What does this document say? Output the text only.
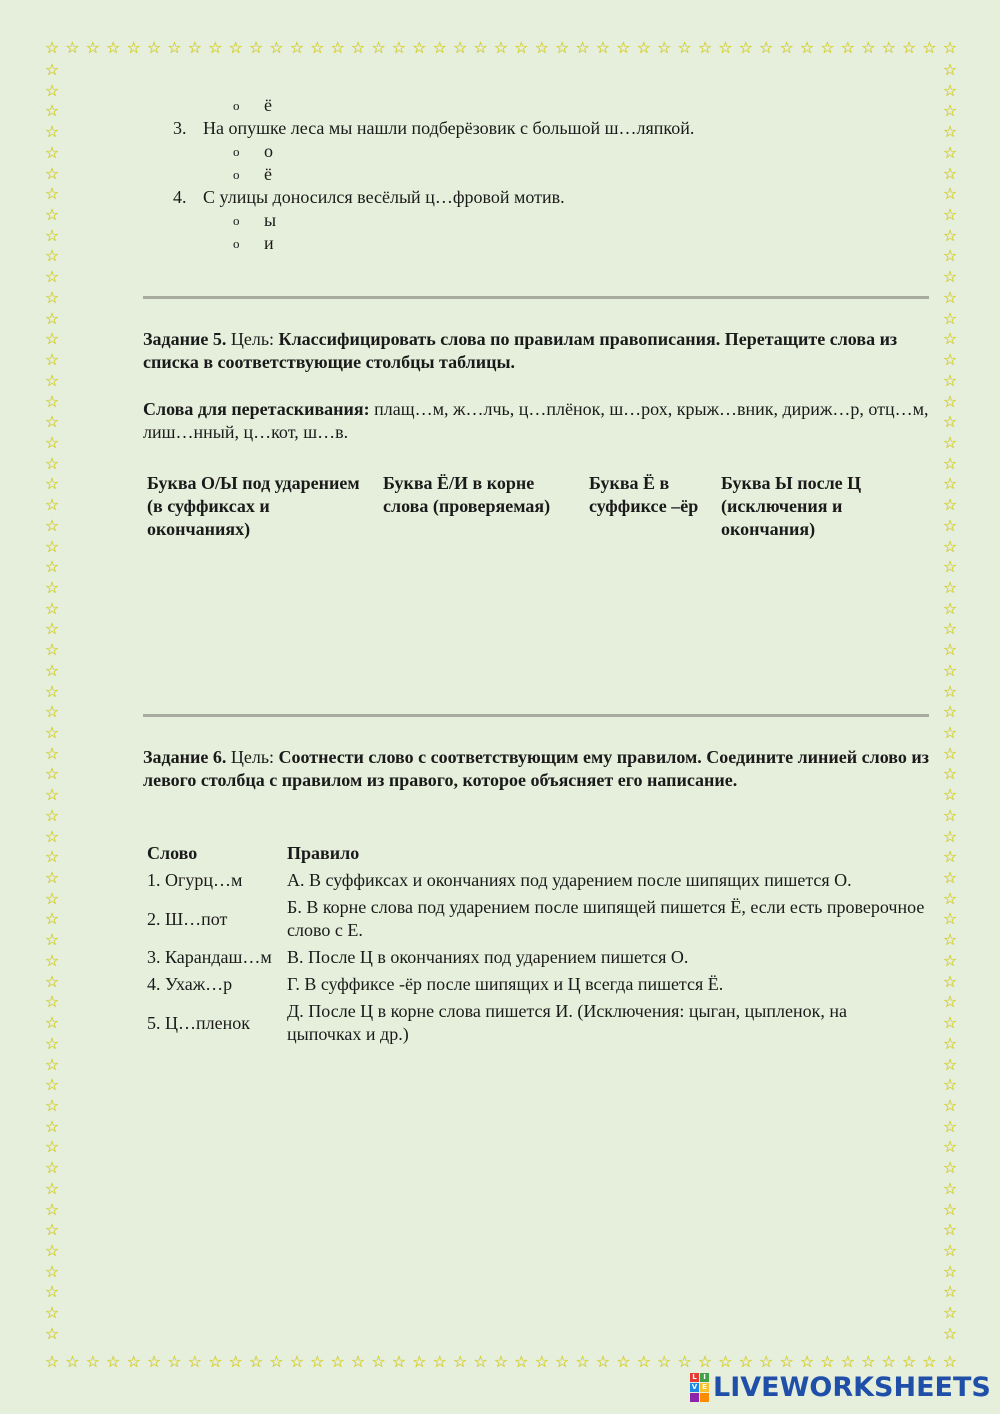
☆ ☆ ☆ ☆ ☆ ☆ ☆ ☆ ☆ ☆ ☆ ☆ ☆ ☆ ☆ ☆ ☆ ☆ ☆ ☆ ☆ ☆ ☆ ☆ ☆ ☆ ☆ ☆ ☆ ☆ ☆ ☆ ☆ ☆ ☆ ☆ ☆ ☆ ☆ ☆ ☆ ☆ ☆ ☆ ☆
☆ ☆ ☆ ☆ ☆ ☆ ☆ ☆ ☆ ☆ ☆ ☆ ☆ ☆ ☆ ☆ ☆ ☆ ☆ ☆ ☆ ☆ ☆ ☆ ☆ ☆ ☆ ☆ ☆ ☆ ☆ ☆ ☆ ☆ ☆ ☆ ☆ ☆ ☆ ☆ ☆ ☆ ☆ ☆ ☆
☆
☆
☆
☆
☆
☆
☆
☆
☆
☆
☆
☆
☆
☆
☆
☆
☆
☆
☆
☆
☆
☆
☆
☆
☆
☆
☆
☆
☆
☆
☆
☆
☆
☆
☆
☆
☆
☆
☆
☆
☆
☆
☆
☆
☆
☆
☆
☆
☆
☆
☆
☆
☆
☆
☆
☆
☆
☆
☆
☆
☆
☆
☆
☆
☆
☆
☆
☆
☆
☆
☆
☆
☆
☆
☆
☆
☆
☆
☆
☆
☆
☆
☆
☆
☆
☆
☆
☆
☆
☆
☆
☆
☆
☆
☆
☆
☆
☆
☆
☆
☆
☆
☆
☆
☆
☆
☆
☆
☆
☆
☆
☆
☆
☆
☆
☆
☆
☆
☆
☆
☆
☆
☆
☆
o ё
3. На опушке леса мы нашли подберёзовик с большой ш…ляпкой.
o о
o ё
4. С улицы доносился весёлый ц…фровой мотив.
o ы
o и
Задание 5. Цель: Классифицировать слова по правилам правописания. Перетащите слова из списка в соответствующие столбцы таблицы.
Слова для перетаскивания: плащ…м, ж…лчь, ц…плёнок, ш…рох, крыж…вник, дириж…р, отц…м, лиш…нный, ц…кот, ш…в.
Буква О/Ы под ударением (в суффиксах и окончаниях)	Буква Ё/И в корне слова (проверяемая)	Буква Ё в суффиксе –ёр	Буква Ы после Ц (исключения и окончания)
Задание 6. Цель: Соотнести слово с соответствующим ему правилом. Соедините линией слово из левого столбца с правилом из правого, которое объясняет его написание.
Слово	Правило
1. Огурц…м	А. В суффиксах и окончаниях под ударением после шипящих пишется О.
2. Ш…пот	Б. В корне слова под ударением после шипящей пишется Ё, если есть проверочное слово с Е.
3. Карандаш…м	В. После Ц в окончаниях под ударением пишется О.
4. Ухаж…р	Г. В суффиксе -ёр после шипящих и Ц всегда пишется Ё.
5. Ц…пленок	Д. После Ц в корне слова пишется И. (Исключения: цыган, цыпленок, на цыпочках и др.)
L I
V E LIVEWORKSHEETS
